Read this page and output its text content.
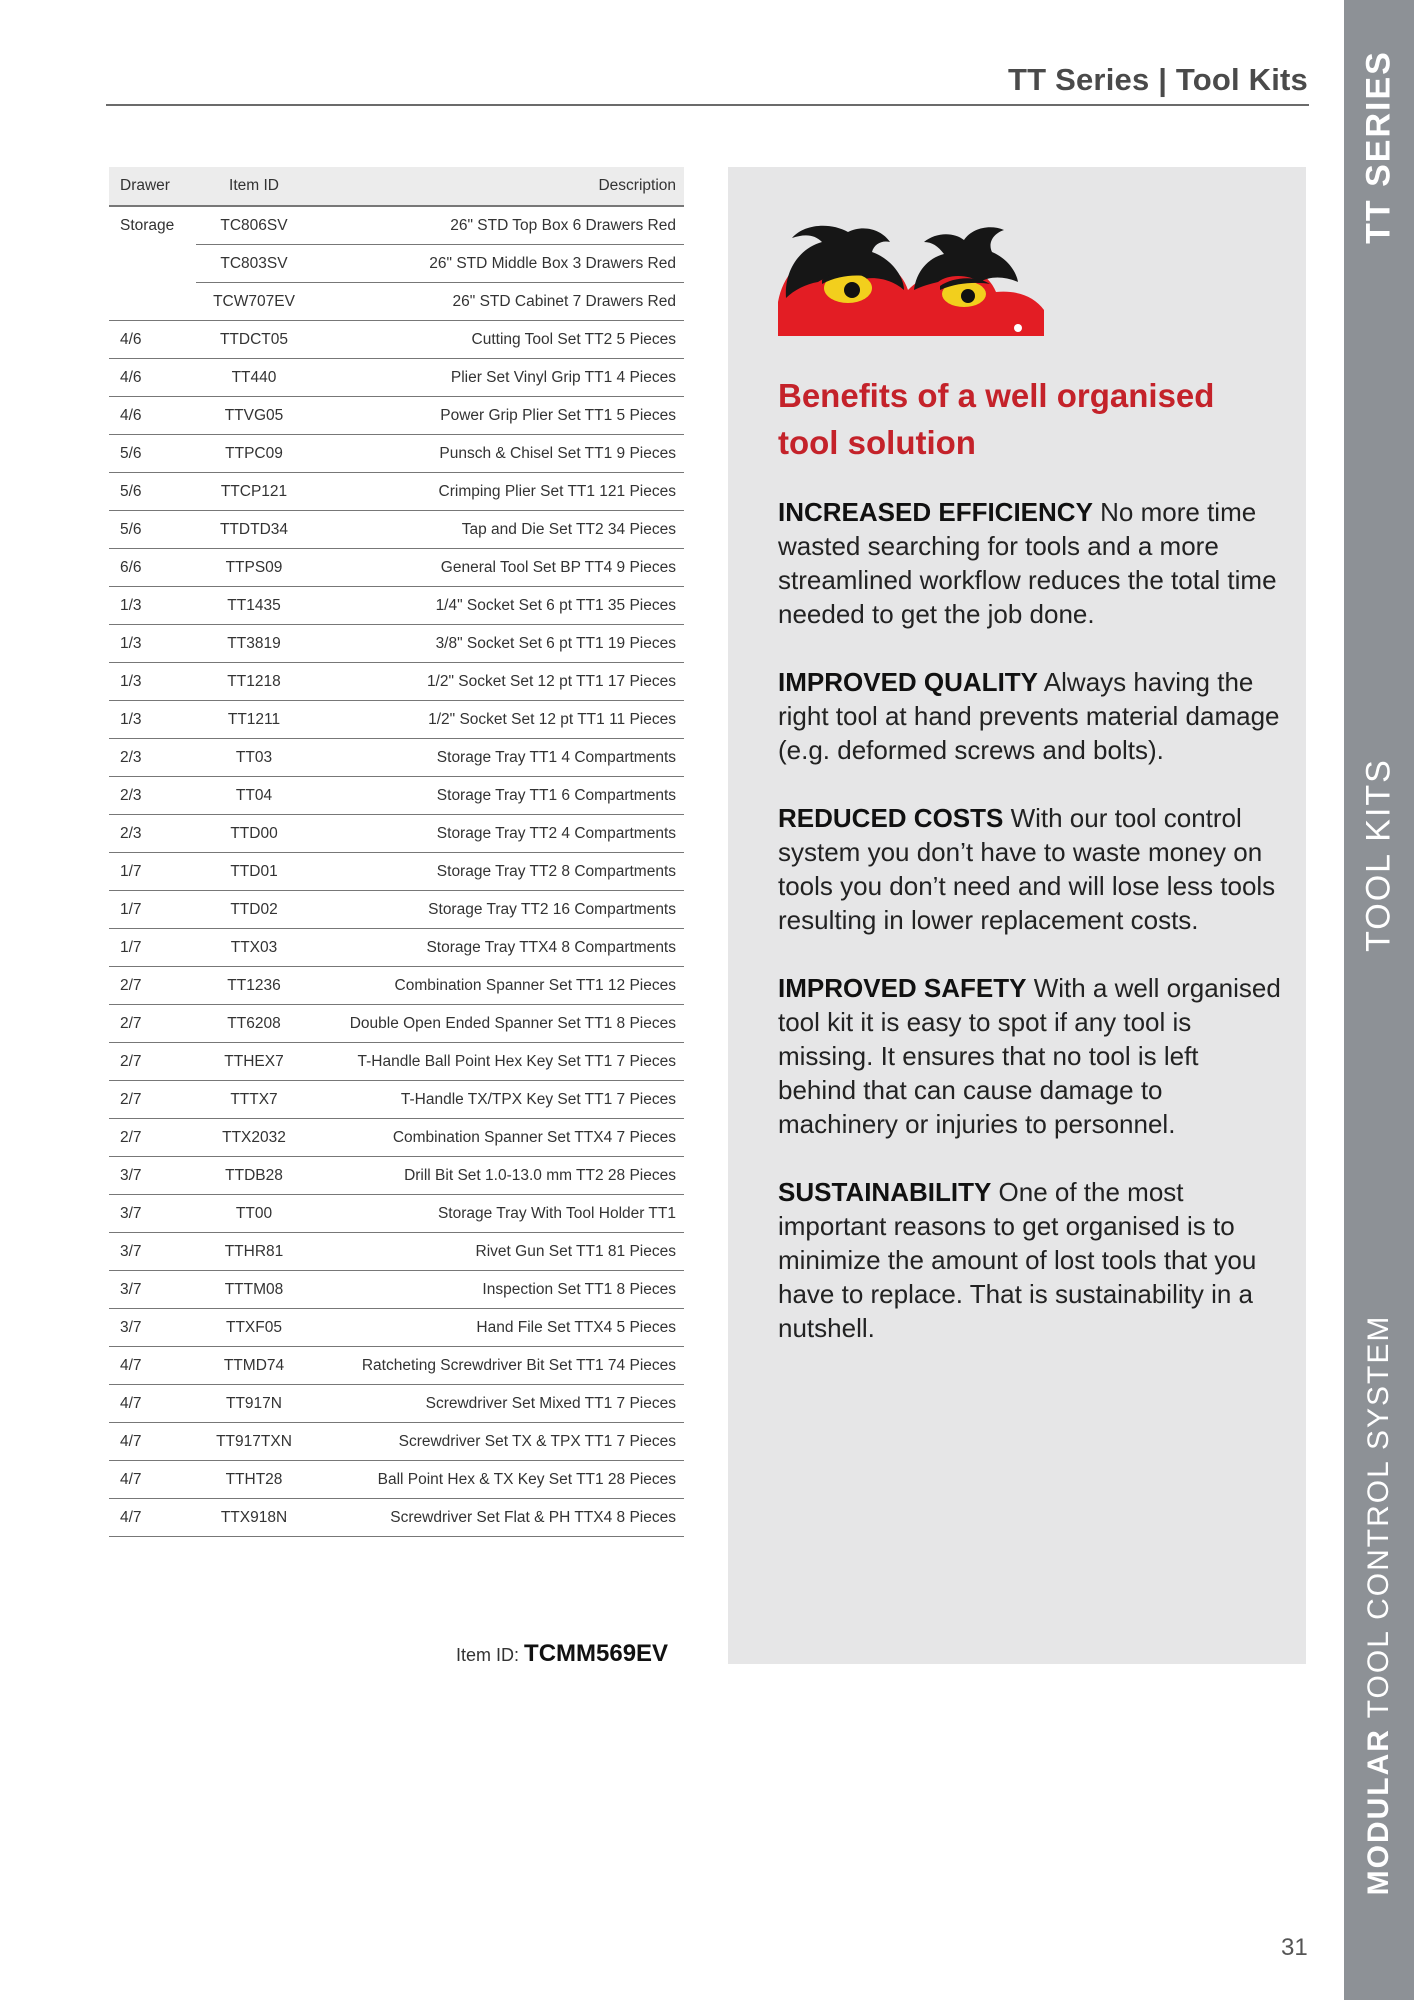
TT Series | Tool Kits TT SERIES
TOOL KITS
MODULAR TOOL CONTROL SYSTEM
Drawer	Item ID	Description
Storage	TC806SV	26" STD Top Box 6 Drawers Red
	TC803SV	26" STD Middle Box 3 Drawers Red
	TCW707EV	26" STD Cabinet 7 Drawers Red
4/6	TTDCT05	Cutting Tool Set TT2 5 Pieces
4/6	TT440	Plier Set Vinyl Grip TT1 4 Pieces
4/6	TTVG05	Power Grip Plier Set TT1 5 Pieces
5/6	TTPC09	Punsch & Chisel Set TT1 9 Pieces
5/6	TTCP121	Crimping Plier Set TT1 121 Pieces
5/6	TTDTD34	Tap and Die Set TT2 34 Pieces
6/6	TTPS09	General Tool Set BP TT4 9 Pieces
1/3	TT1435	1/4" Socket Set 6 pt TT1 35 Pieces
1/3	TT3819	3/8" Socket Set 6 pt TT1 19 Pieces
1/3	TT1218	1/2" Socket Set 12 pt TT1 17 Pieces
1/3	TT1211	1/2" Socket Set 12 pt TT1 11 Pieces
2/3	TT03	Storage Tray TT1 4 Compartments
2/3	TT04	Storage Tray TT1 6 Compartments
2/3	TTD00	Storage Tray TT2 4 Compartments
1/7	TTD01	Storage Tray TT2 8 Compartments
1/7	TTD02	Storage Tray TT2 16 Compartments
1/7	TTX03	Storage Tray TTX4 8 Compartments
2/7	TT1236	Combination Spanner Set TT1 12 Pieces
2/7	TT6208	Double Open Ended Spanner Set TT1 8 Pieces
2/7	TTHEX7	T-Handle Ball Point Hex Key Set TT1 7 Pieces
2/7	TTTX7	T-Handle TX/TPX Key Set TT1 7 Pieces
2/7	TTX2032	Combination Spanner Set TTX4 7 Pieces
3/7	TTDB28	Drill Bit Set 1.0-13.0 mm TT2 28 Pieces
3/7	TT00	Storage Tray With Tool Holder TT1
3/7	TTHR81	Rivet Gun Set TT1 81 Pieces
3/7	TTTM08	Inspection Set TT1 8 Pieces
3/7	TTXF05	Hand File Set TTX4 5 Pieces
4/7	TTMD74	Ratcheting Screwdriver Bit Set TT1 74 Pieces
4/7	TT917N	Screwdriver Set Mixed TT1 7 Pieces
4/7	TT917TXN	Screwdriver Set TX & TPX TT1 7 Pieces
4/7	TTHT28	Ball Point Hex & TX Key Set TT1 28 Pieces
4/7	TTX918N	Screwdriver Set Flat & PH TTX4 8 Pieces
Item ID: TCMM569EV
Benefits of a well organised tool solution
INCREASED EFFICIENCY No more time wasted searching for tools and a more streamlined workflow reduces the total time needed to get the job done.
IMPROVED QUALITY Always having the right tool at hand prevents material damage (e.g. deformed screws and bolts).
REDUCED COSTS With our tool control system you don’t have to waste money on tools you don’t need and will lose less tools resulting in lower replacement costs.
IMPROVED SAFETY With a well organised tool kit it is easy to spot if any tool is missing. It ensures that no tool is left behind that can cause damage to machinery or injuries to personnel.
SUSTAINABILITY One of the most important reasons to get organised is to minimize the amount of lost tools that you have to replace. That is sustainability in a nutshell.
31
